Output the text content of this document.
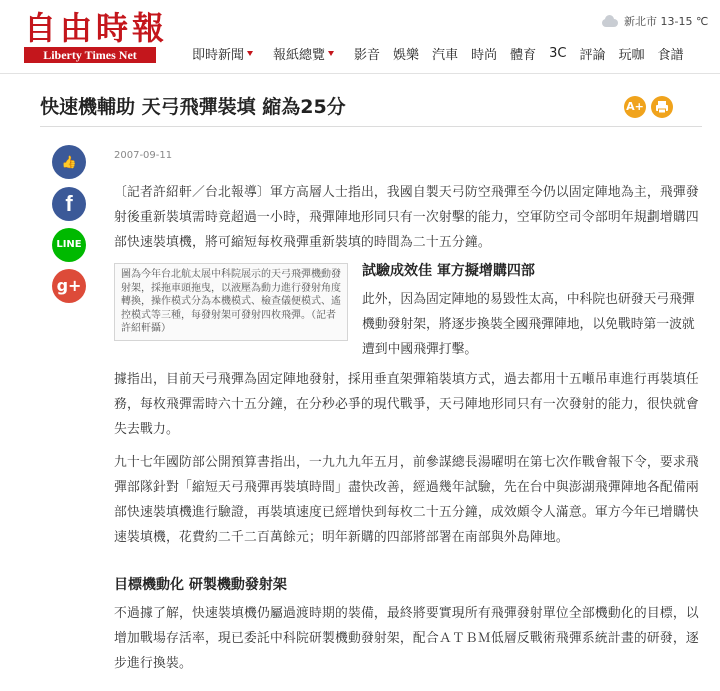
自由時報
Liberty Times Net
新北市 13-15 ℃
即時新聞 報紙總覽 影音 娛樂 汽車 時尚 體育 3C 評論 玩咖 食譜
快速機輔助 天弓飛彈裝填 縮為25分	A+
👍
f
LINE
g+
2007-09-11

〔記者許紹軒／台北報導〕軍方高層人士指出，我國自製天弓防空飛彈至今仍以固定陣地為主，飛彈發射後重新裝填需時竟超過一小時，飛彈陣地形同只有一次射擊的能力，空軍防空司令部明年規劃增購四部快速裝填機，將可縮短每枚飛彈重新裝填的時間為二十五分鐘。

圖為今年台北航太展中科院展示的天弓飛彈機動發射架，採拖車頭拖曳，以液壓為動力進行發射角度轉換，操作模式分為本機模式、檢查儀便模式、遙控模式等三種，每發射架可發射四枚飛彈。（記者許紹軒攝）

試驗成效佳 軍方擬增購四部

此外，因為固定陣地的易毀性太高，中科院也研發天弓飛彈機動發射架，將逐步換裝全國飛彈陣地，以免戰時第一波就遭到中國飛彈打擊。

據指出，目前天弓飛彈為固定陣地發射，採用垂直架彈箱裝填方式，過去都用十五噸吊車進行再裝填任務，每枚飛彈需時六十五分鐘，在分秒必爭的現代戰爭，天弓陣地形同只有一次發射的能力，很快就會失去戰力。

九十七年國防部公開預算書指出，一九九九年五月，前參謀總長湯曜明在第七次作戰會報下令，要求飛彈部隊針對「縮短天弓飛彈再裝填時間」盡快改善，經過幾年試驗，先在台中與澎湖飛彈陣地各配備兩部快速裝填機進行驗證，再裝填速度已經增快到每枚二十五分鐘，成效頗令人滿意。軍方今年已增購快速裝填機，花費約二千二百萬餘元；明年新購的四部將部署在南部與外島陣地。

目標機動化 研製機動發射架

不過據了解，快速裝填機仍屬過渡時期的裝備，最終將要實現所有飛彈發射單位全部機動化的目標，以增加戰場存活率，現已委託中科院研製機動發射架，配合ＡＴＢＭ低層反戰術飛彈系統計畫的研發，逐步進行換裝。
